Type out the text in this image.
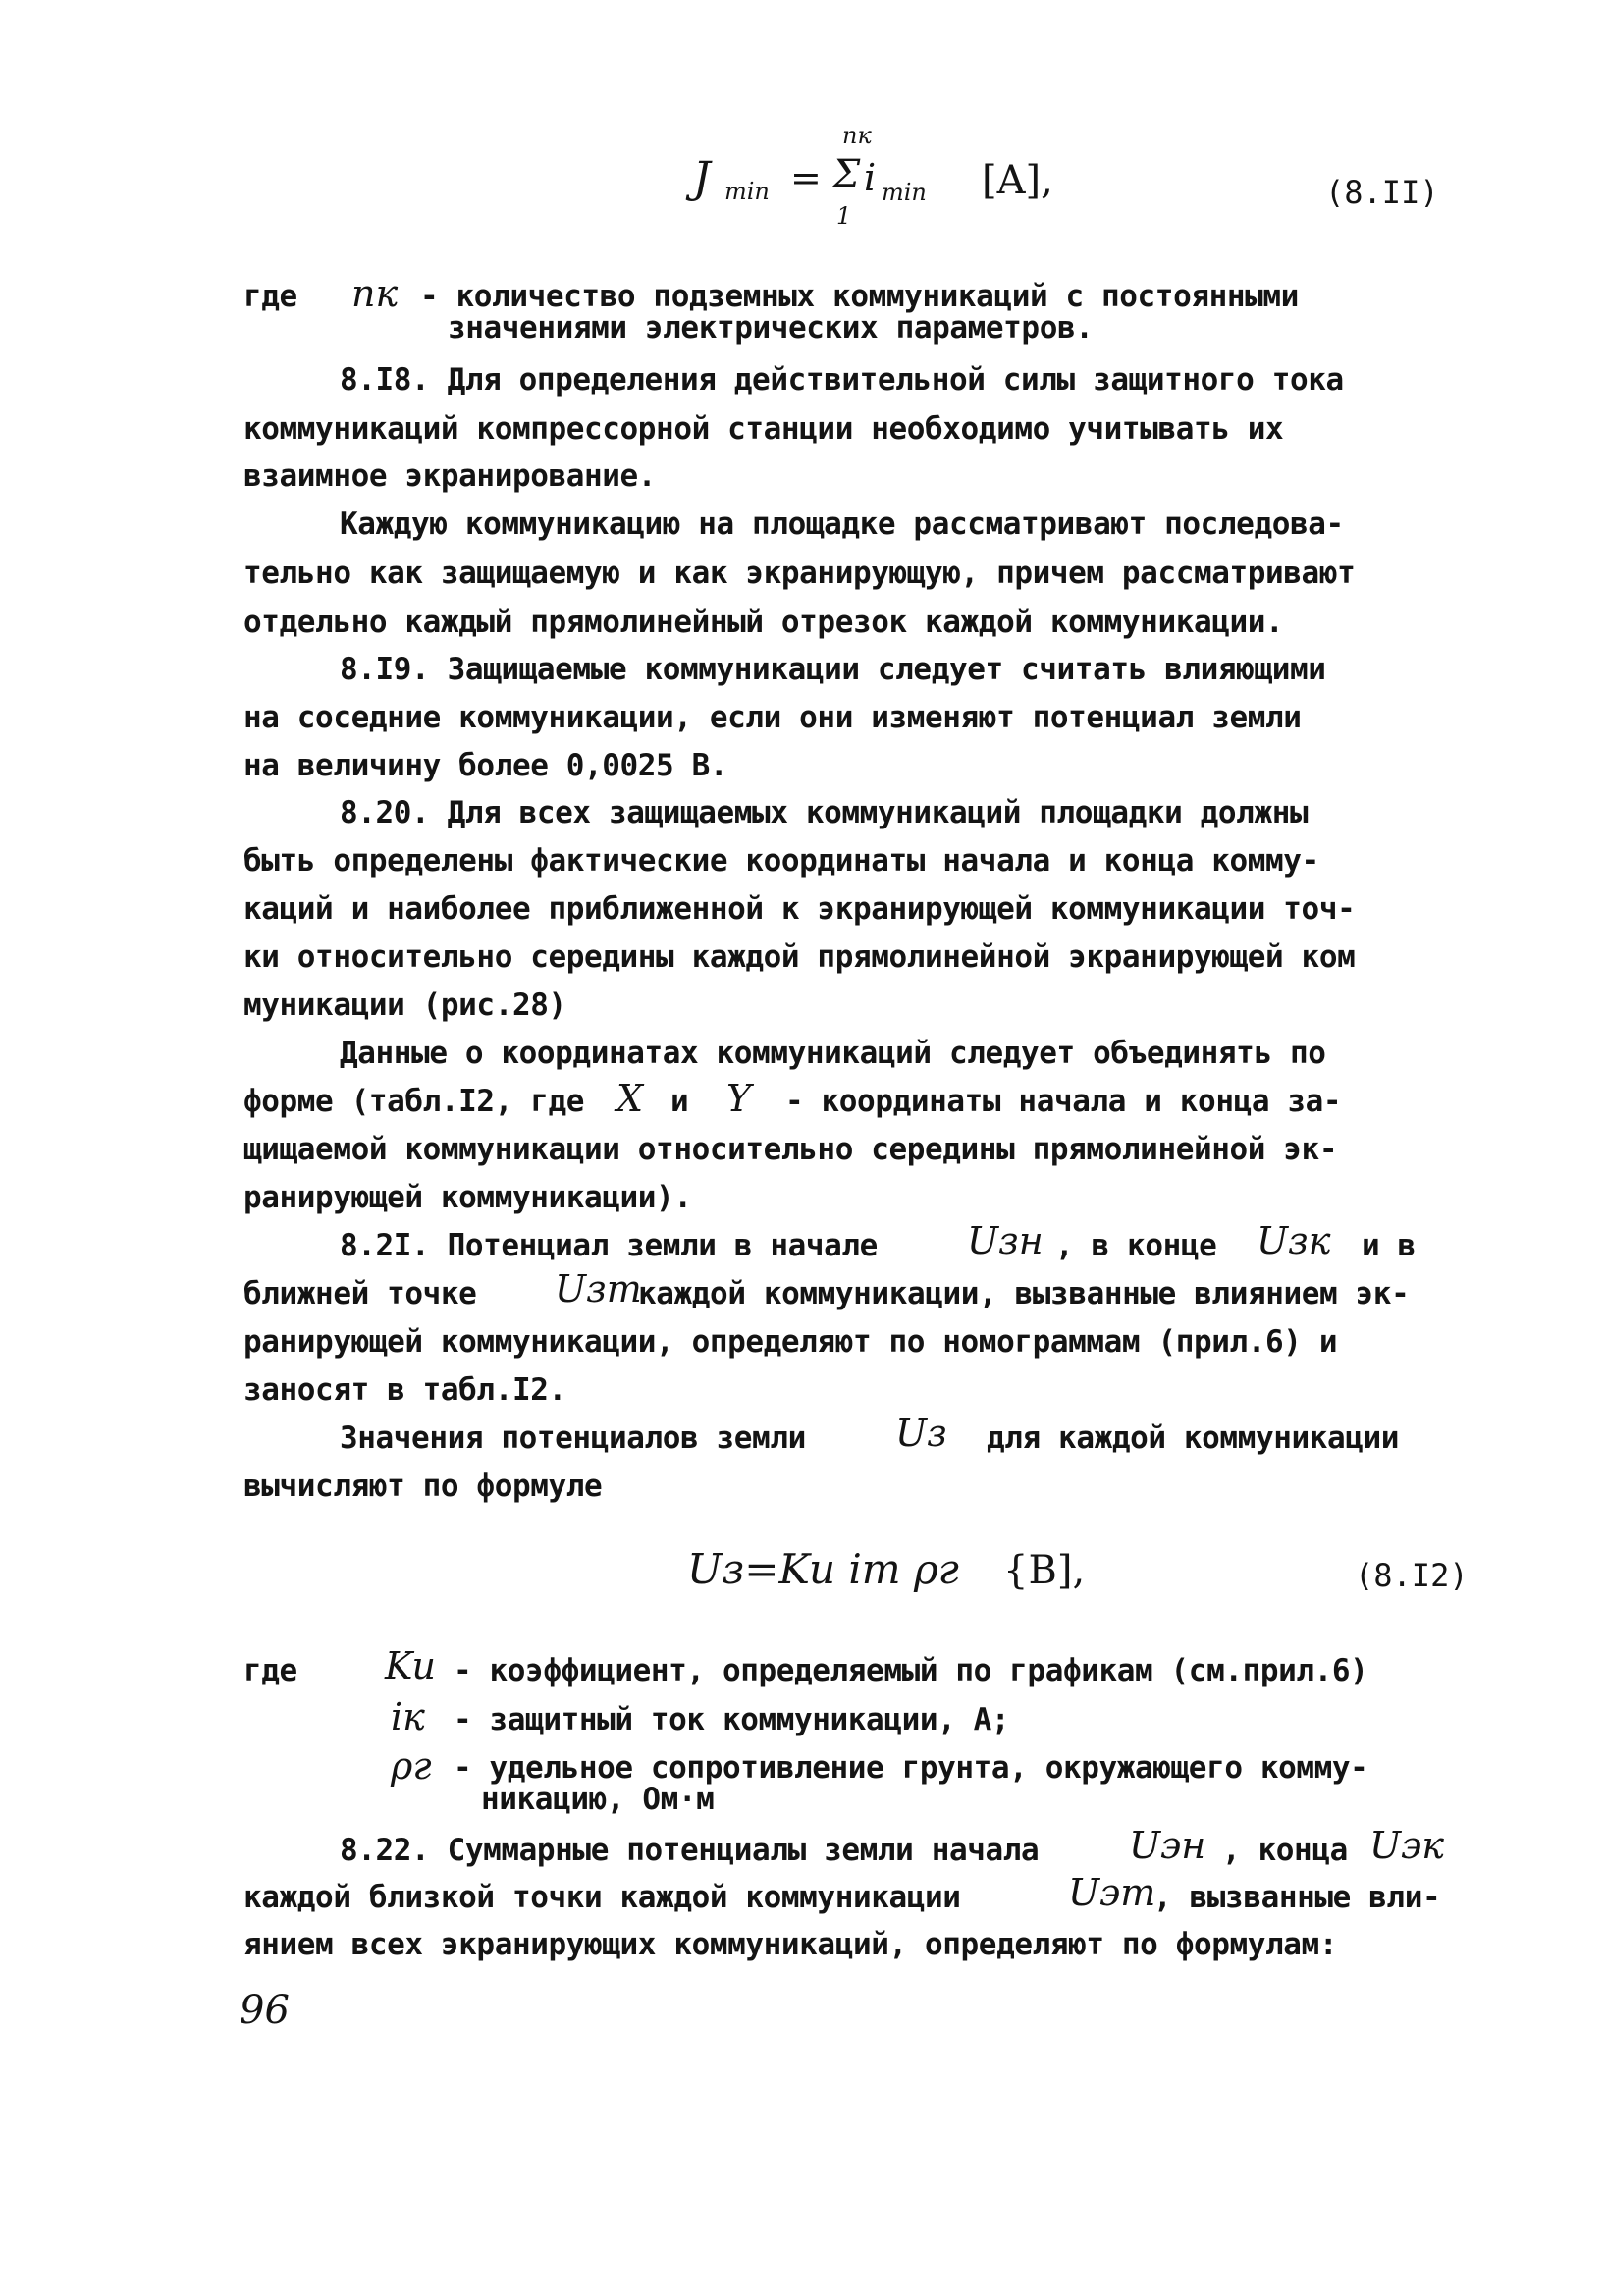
nк
J min = Σ
1
i min [A],	(8.II)
где nк - количество подземных коммуникаций с постоянными
значениями электрических параметров.
8.I8. Для определения действительной силы защитного тока
коммуникаций компрессорной станции необходимо учитывать их
взаимное экранирование.
Каждую коммуникацию на площадке рассматривают последова-
тельно как защищаемую и как экранирующую, причем рассматривают
отдельно каждый прямолинейный отрезок каждой коммуникации.
8.I9. Защищаемые коммуникации следует считать влияющими
на соседние коммуникации, если они изменяют потенциал земли
на величину более 0,0025 В.
8.20. Для всех защищаемых коммуникаций площадки должны
быть определены фактические координаты начала и конца комму-
каций и наиболее приближенной к экранирующей коммуникации точ-
ки относительно середины каждой прямолинейной экранирующей ком
муникации (рис.28)
Данные о координатах коммуникаций следует объединять по
форме (табл.I2, где X и Y - координаты начала и конца за-
щищаемой коммуникации относительно середины прямолинейной эк-
ранирующей коммуникации).
8.2I. Потенциал земли в начале Uзн , в конце Uзк и в
ближней точке Uзт
каждой коммуникации, вызванные влиянием эк-
ранирующей коммуникации, определяют по номограммам (прил.6) и
заносят в табл.I2.
Значения потенциалов земли Uз для каждой коммуникации
вычисляют по формуле
Uз=Ku iт ρг {В],	(8.I2)
где Ku - коэффициент, определяемый по графикам (см.прил.6)
iк - защитный ток коммуникации, А;
ρг - удельное сопротивление грунта, окружающего комму-
никацию, Ом·м
8.22. Суммарные потенциалы земли начала Uэн , конца Uэк
каждой близкой точки каждой коммуникации	Uэт
, вызванные вли-
янием всех экранирующих коммуникаций, определяют по формулам:
96
